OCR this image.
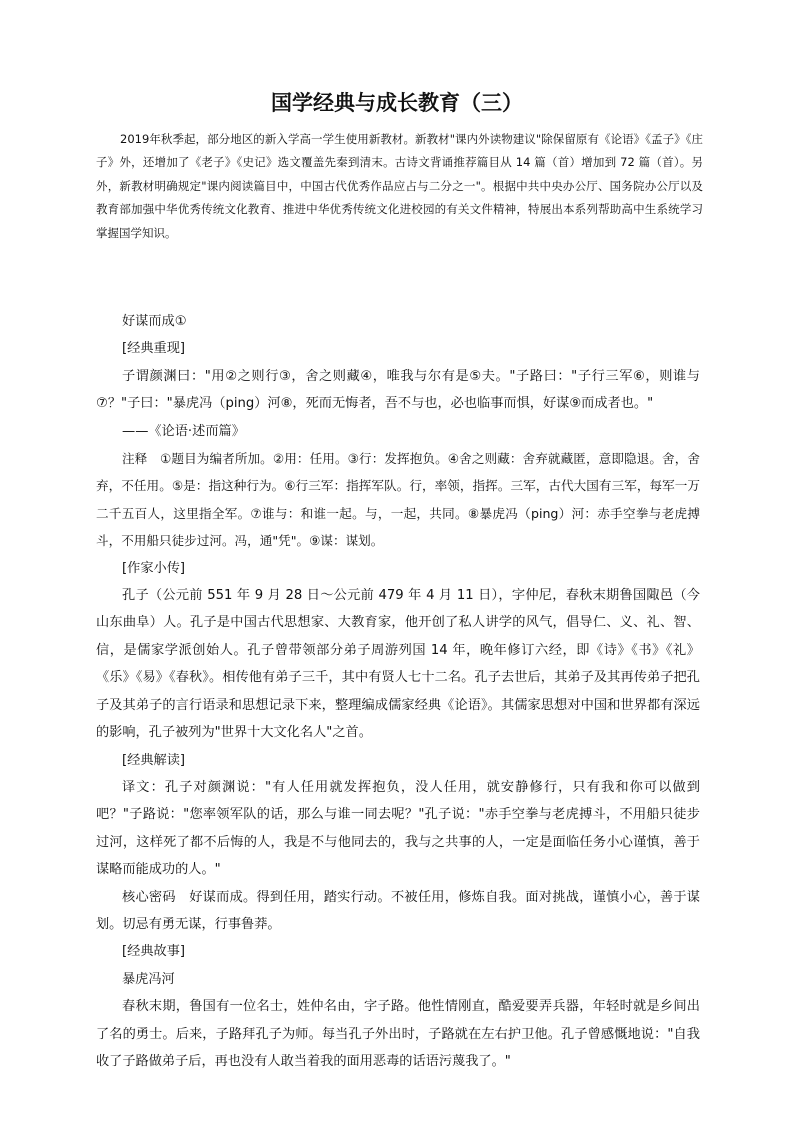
国学经典与成长教育（三）

2019年秋季起，部分地区的新入学高一学生使用新教材。新教材"课内外读物建议"除保留原有《论语》《孟子》《庄子》外，还增加了《老子》《史记》选文覆盖先秦到清末。古诗文背诵推荐篇目从 14 篇（首）增加到 72 篇（首）。另外，新教材明确规定"课内阅读篇目中，中国古代优秀作品应占与二分之一"。根据中共中央办公厅、国务院办公厅以及教育部加强中华优秀传统文化教育、推进中华优秀传统文化进校园的有关文件精神，特展出本系列帮助高中生系统学习掌握国学知识。

好谋而成①

[经典重现]

子谓颜渊曰："用②之则行③，舍之则藏④，唯我与尔有是⑤夫。"子路曰："子行三军⑥，则谁与⑦？"子曰："暴虎冯（ping）河⑧，死而无悔者，吾不与也，必也临事而惧，好谋⑨而成者也。"

——《论语·述而篇》

注释　①题目为编者所加。②用：任用。③行：发挥抱负。④舍之则藏：舍弃就藏匿，意即隐退。舍，舍弃，不任用。⑤是：指这种行为。⑥行三军：指挥军队。行，率领，指挥。三军，古代大国有三军，每军一万二千五百人，这里指全军。⑦谁与：和谁一起。与，一起，共同。⑧暴虎冯（ping）河：赤手空拳与老虎搏斗，不用船只徒步过河。冯，通"凭"。⑨谋：谋划。

[作家小传]

孔子（公元前 551 年 9 月 28 日～公元前 479 年 4 月 11 日），字仲尼，春秋末期鲁国陬邑（今山东曲阜）人。孔子是中国古代思想家、大教育家，他开创了私人讲学的风气，倡导仁、义、礼、智、信，是儒家学派创始人。孔子曾带领部分弟子周游列国 14 年，晚年修订六经，即《诗》《书》《礼》《乐》《易》《春秋》。相传他有弟子三千，其中有贤人七十二名。孔子去世后，其弟子及其再传弟子把孔子及其弟子的言行语录和思想记录下来，整理编成儒家经典《论语》。其儒家思想对中国和世界都有深远的影响，孔子被列为"世界十大文化名人"之首。

[经典解读]

译文：孔子对颜渊说："有人任用就发挥抱负，没人任用，就安静修行，只有我和你可以做到吧？"子路说："您率领军队的话，那么与谁一同去呢？"孔子说："赤手空拳与老虎搏斗，不用船只徒步过河，这样死了都不后悔的人，我是不与他同去的，我与之共事的人，一定是面临任务小心谨慎，善于谋略而能成功的人。"

核心密码　好谋而成。得到任用，踏实行动。不被任用，修炼自我。面对挑战，谨慎小心，善于谋划。切忌有勇无谋，行事鲁莽。

[经典故事]

暴虎冯河

春秋末期，鲁国有一位名士，姓仲名由，字子路。他性情刚直，酷爱要弄兵器，年轻时就是乡间出了名的勇士。后来，子路拜孔子为师。每当孔子外出时，子路就在左右护卫他。孔子曾感慨地说："自我收了子路做弟子后，再也没有人敢当着我的面用恶毒的话语污蔑我了。"
